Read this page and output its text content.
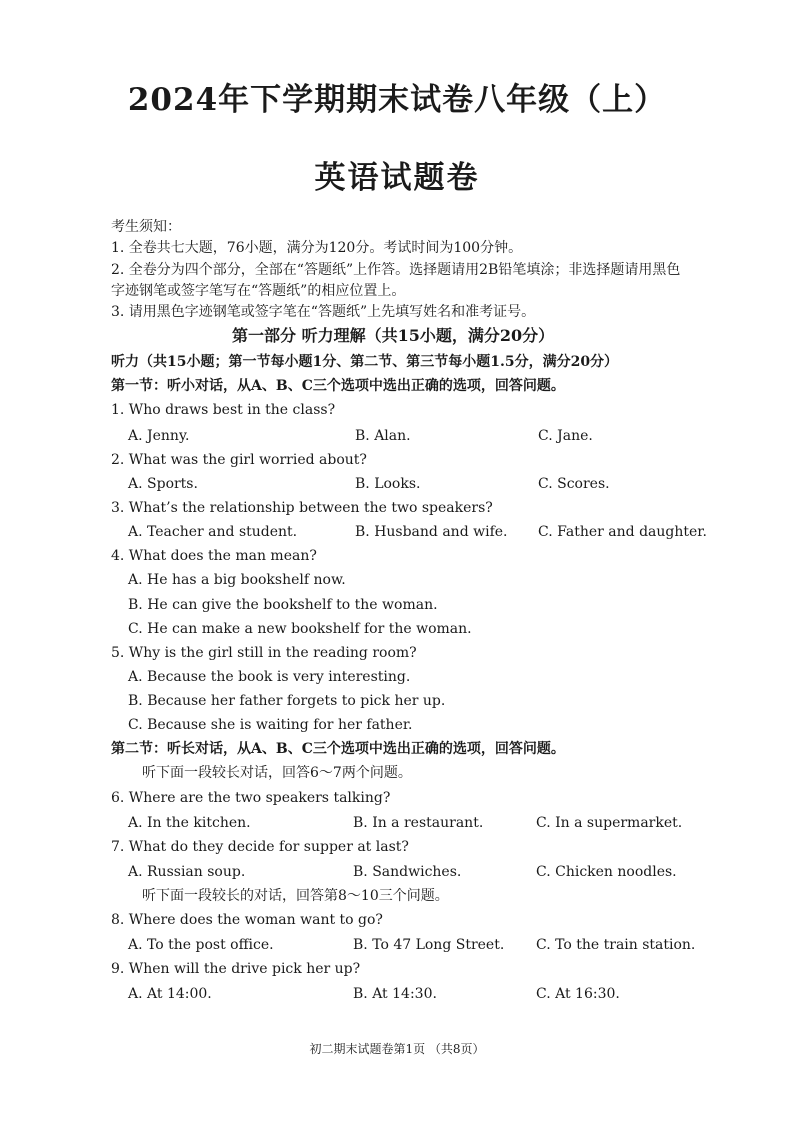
2024年下学期期末试卷八年级（上）
英语试题卷
考生须知：
1. 全卷共七大题，76小题，满分为120分。考试时间为100分钟。
2. 全卷分为四个部分，全部在“答题纸”上作答。选择题请用2B铅笔填涂；非选择题请用黑色
字迹钢笔或签字笔写在“答题纸”的相应位置上。
3. 请用黑色字迹钢笔或签字笔在“答题纸”上先填写姓名和准考证号。
第一部分 听力理解（共15小题，满分20分）
听力（共15小题；第一节每小题1分、第二节、第三节每小题1.5分，满分20分）
第一节：听小对话，从A、B、C三个选项中选出正确的选项，回答问题。
1. Who draws best in the class?
A. Jenny.	B. Alan.	C. Jane.
2. What was the girl worried about?
A. Sports.	B. Looks.	C. Scores.
3. What’s the relationship between the two speakers?
A. Teacher and student.	B. Husband and wife. C. Father and daughter.
4. What does the man mean?
A. He has a big bookshelf now.
B. He can give the bookshelf to the woman.
C. He can make a new bookshelf for the woman.
5. Why is the girl still in the reading room?
A. Because the book is very interesting.
B. Because her father forgets to pick her up.
C. Because she is waiting for her father.
第二节：听长对话，从A、B、C三个选项中选出正确的选项，回答问题。
听下面一段较长对话，回答6～7两个问题。
6. Where are the two speakers talking?
A. In the kitchen.	B. In a restaurant.	C. In a supermarket.
7. What do they decide for supper at last?
A. Russian soup.	B. Sandwiches.	C. Chicken noodles.
听下面一段较长的对话，回答第8～10三个问题。
8. Where does the woman want to go?
A. To the post office.	B. To 47 Long Street. C. To the train station.
9. When will the drive pick her up?
A. At 14:00.	B. At 14:30.	C. At 16:30.
初二期末试题卷第1页 （共8页）
